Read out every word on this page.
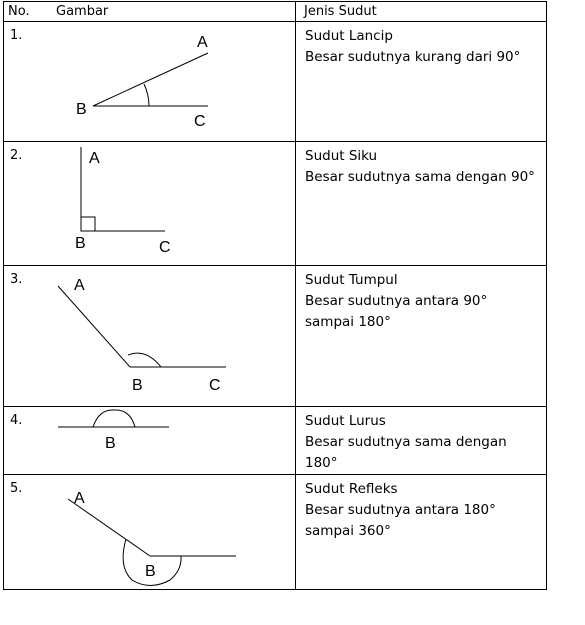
No. Gambar	Jenis Sudut

1. A
B
C	Sudut Lancip
Besar sudutnya kurang dari 90°

2. A
B C	Sudut Siku
Besar sudutnya sama dengan 90°

3. A
B C	Sudut Tumpul
Besar sudutnya antara 90°
sampai 180°

4.
B	Sudut Lurus
Besar sudutnya sama dengan
180°

5.
A
B	Sudut Refleks
Besar sudutnya antara 180°
sampai 360°
